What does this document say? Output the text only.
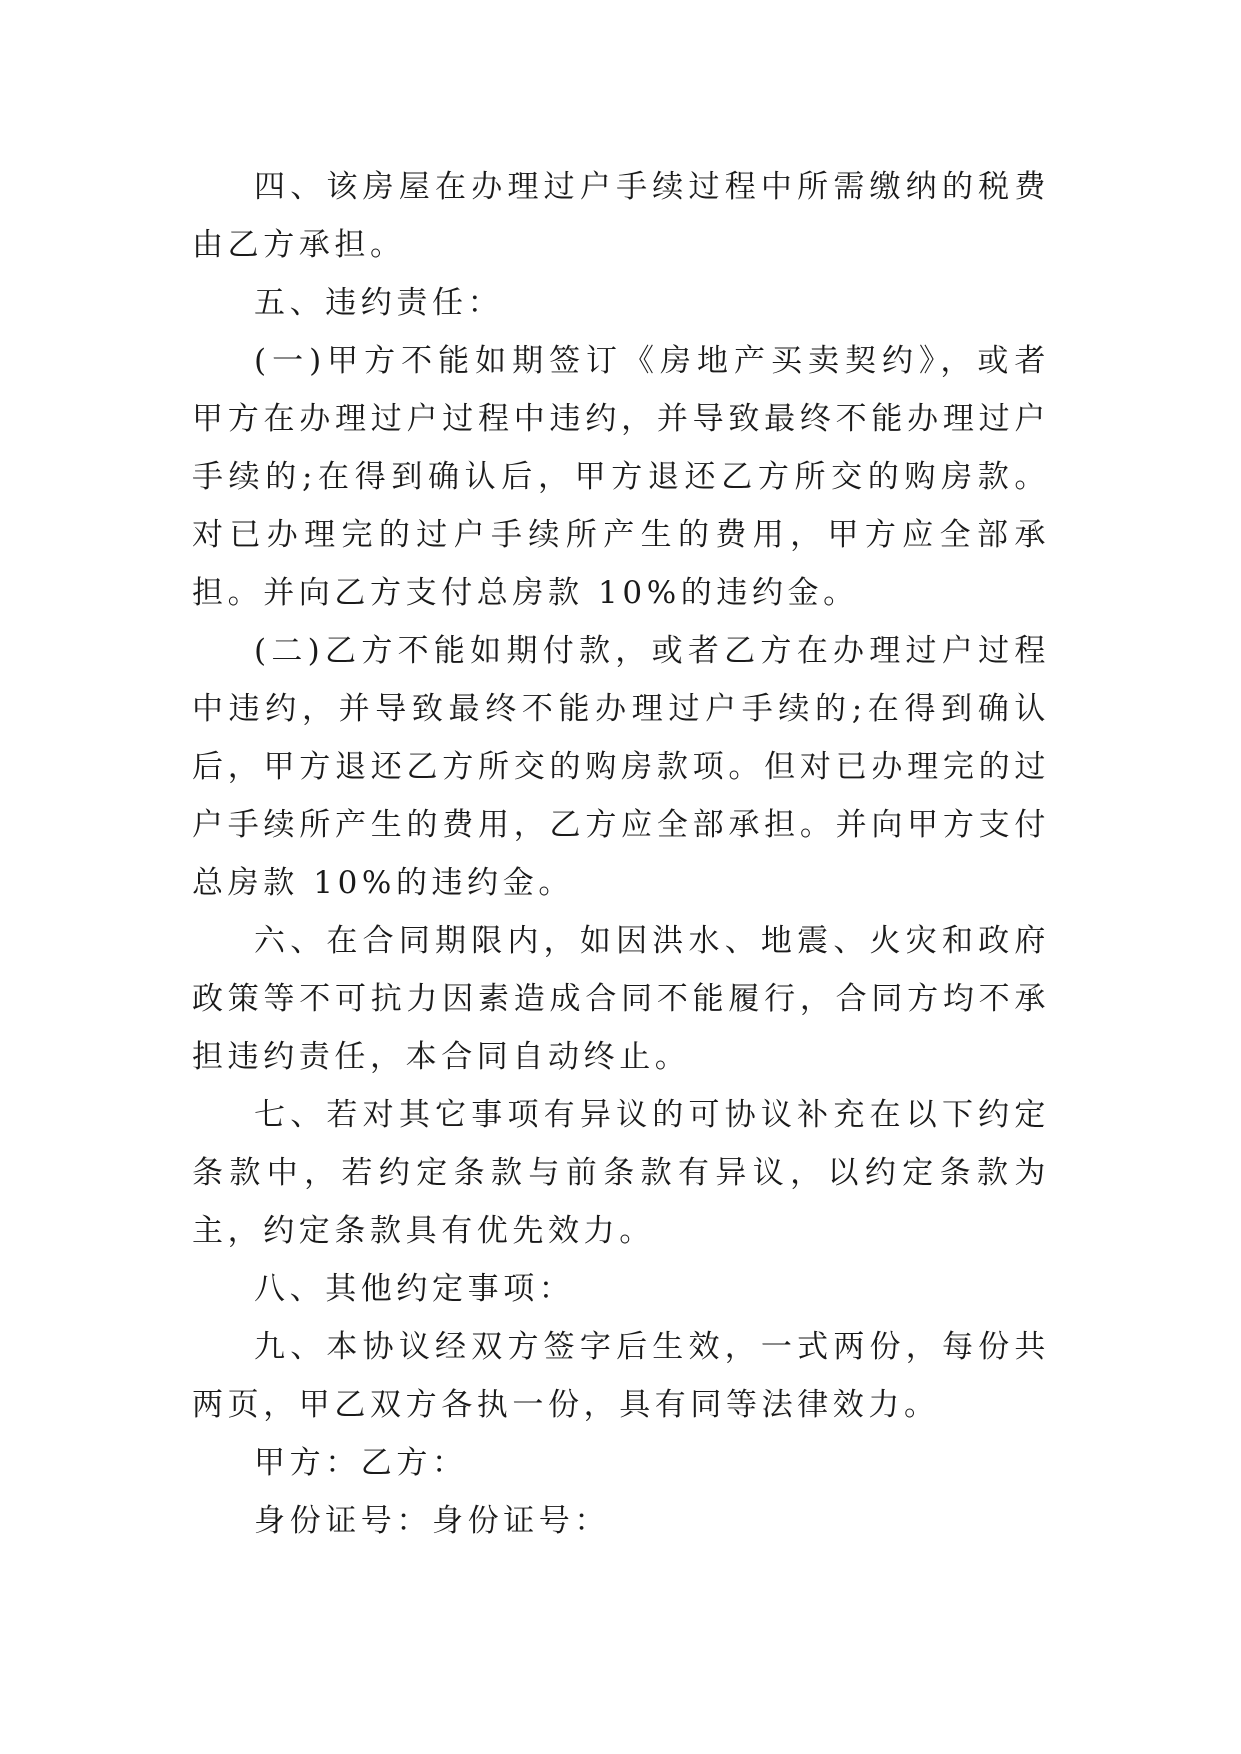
四、该房屋在办理过户手续过程中所需缴纳的税费由乙方承担。

五、违约责任：

(一)甲方不能如期签订《房地产买卖契约》，或者甲方在办理过户过程中违约，并导致最终不能办理过户手续的;在得到确认后，甲方退还乙方所交的购房款。对已办理完的过户手续所产生的费用，甲方应全部承担。并向乙方支付总房款 10%的违约金。

(二)乙方不能如期付款，或者乙方在办理过户过程中违约，并导致最终不能办理过户手续的;在得到确认后，甲方退还乙方所交的购房款项。但对已办理完的过户手续所产生的费用，乙方应全部承担。并向甲方支付总房款 10%的违约金。

六、在合同期限内，如因洪水、地震、火灾和政府政策等不可抗力因素造成合同不能履行，合同方均不承担违约责任，本合同自动终止。

七、若对其它事项有异议的可协议补充在以下约定条款中，若约定条款与前条款有异议，以约定条款为主，约定条款具有优先效力。

八、其他约定事项：

九、本协议经双方签字后生效，一式两份，每份共两页，甲乙双方各执一份，具有同等法律效力。

甲方：乙方：

身份证号：身份证号：
